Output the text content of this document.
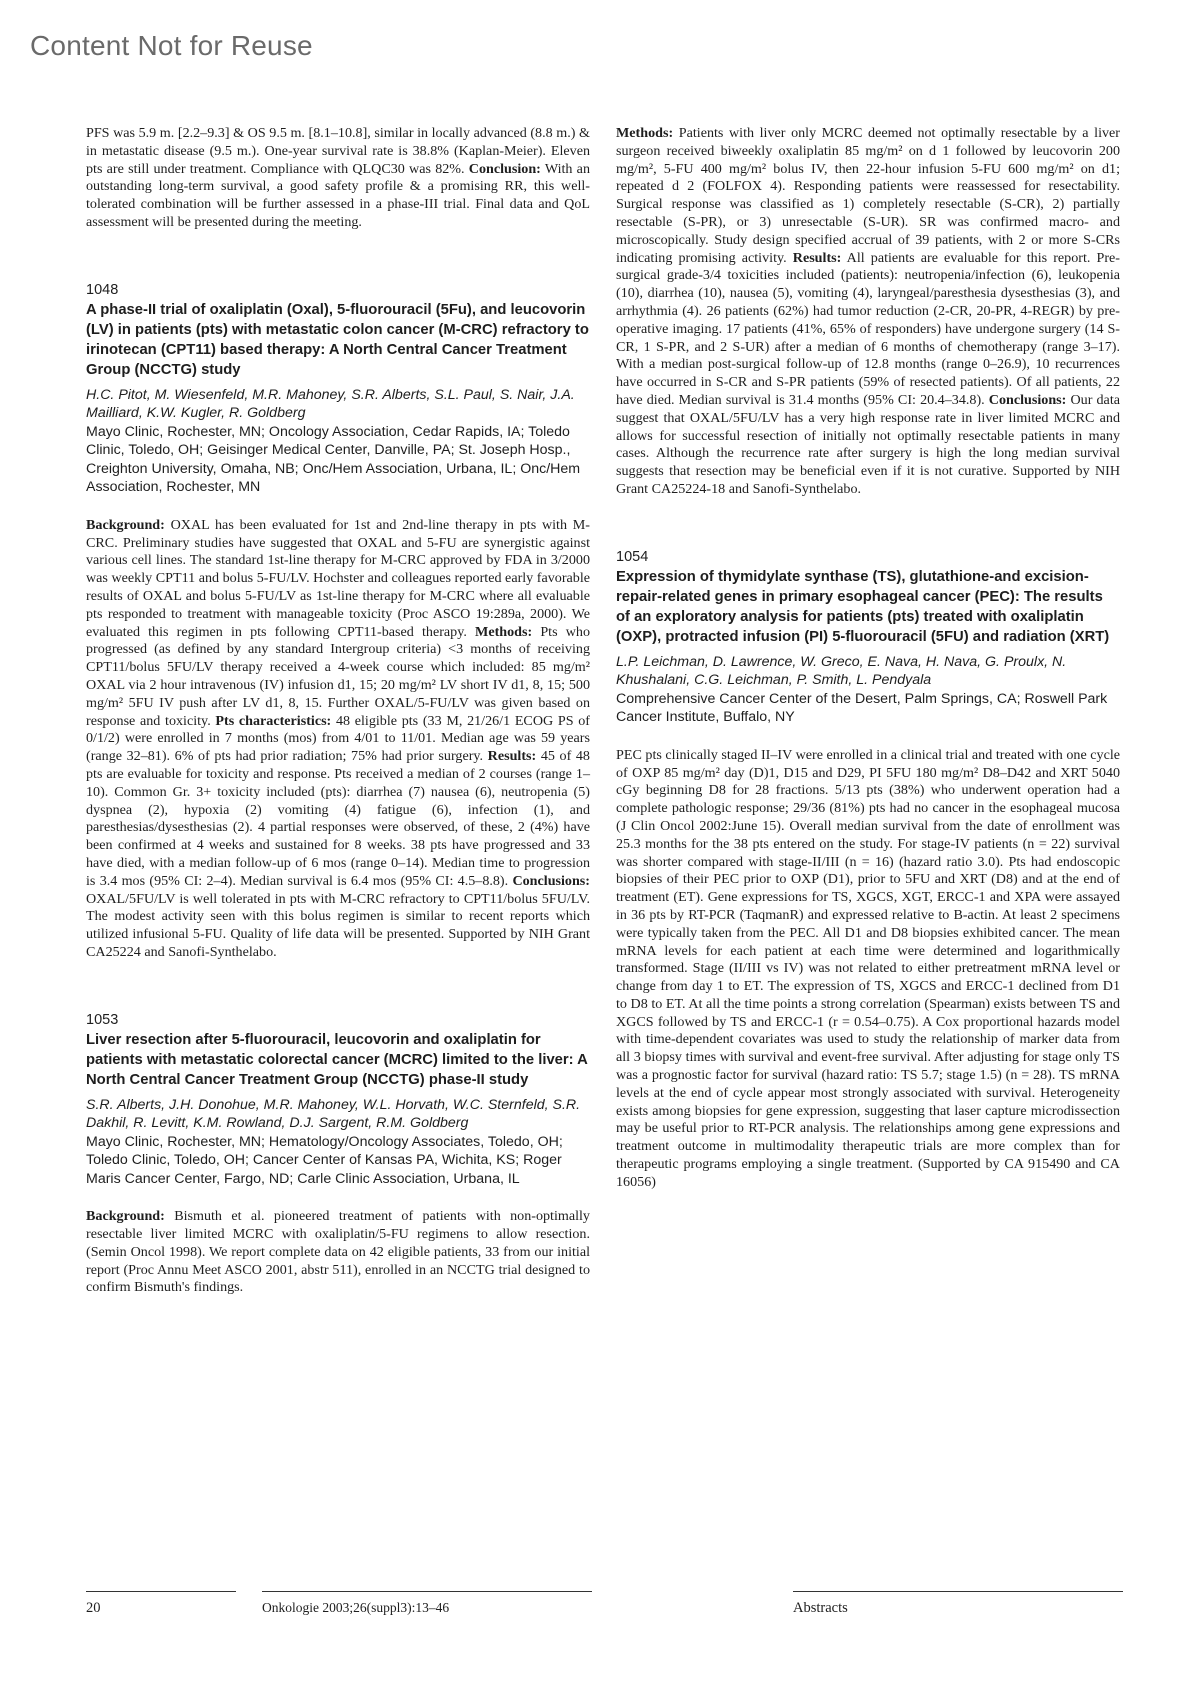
Content Not for Reuse

PFS was 5.9 m. [2.2–9.3] & OS 9.5 m. [8.1–10.8], similar in locally advanced (8.8 m.) & in metastatic disease (9.5 m.). One-year survival rate is 38.8% (Kaplan-Meier). Eleven pts are still under treatment. Compliance with QLQC30 was 82%. Conclusion: With an outstanding long-term survival, a good safety profile & a promising RR, this well-tolerated combination will be further assessed in a phase-III trial. Final data and QoL assessment will be presented during the meeting.

1048

A phase-II trial of oxaliplatin (Oxal), 5-fluorouracil (5Fu), and leucovorin (LV) in patients (pts) with metastatic colon cancer (M-CRC) refractory to irinotecan (CPT11) based therapy: A North Central Cancer Treatment Group (NCCTG) study

H.C. Pitot, M. Wiesenfeld, M.R. Mahoney, S.R. Alberts, S.L. Paul, S. Nair, J.A. Mailliard, K.W. Kugler, R. Goldberg

Mayo Clinic, Rochester, MN; Oncology Association, Cedar Rapids, IA; Toledo Clinic, Toledo, OH; Geisinger Medical Center, Danville, PA; St. Joseph Hosp., Creighton University, Omaha, NB; Onc/Hem Association, Urbana, IL; Onc/Hem Association, Rochester, MN

Background: OXAL has been evaluated for 1st and 2nd-line therapy in pts with M-CRC. Preliminary studies have suggested that OXAL and 5-FU are synergistic against various cell lines. The standard 1st-line therapy for M-CRC approved by FDA in 3/2000 was weekly CPT11 and bolus 5-FU/LV. Hochster and colleagues reported early favorable results of OXAL and bolus 5-FU/LV as 1st-line therapy for M-CRC where all evaluable pts responded to treatment with manageable toxicity (Proc ASCO 19:289a, 2000). We evaluated this regimen in pts following CPT11-based therapy. Methods: Pts who progressed (as defined by any standard Intergroup criteria) <3 months of receiving CPT11/bolus 5FU/LV therapy received a 4-week course which included: 85 mg/m² OXAL via 2 hour intravenous (IV) infusion d1, 15; 20 mg/m² LV short IV d1, 8, 15; 500 mg/m² 5FU IV push after LV d1, 8, 15. Further OXAL/5-FU/LV was given based on response and toxicity. Pts characteristics: 48 eligible pts (33 M, 21/26/1 ECOG PS of 0/1/2) were enrolled in 7 months (mos) from 4/01 to 11/01. Median age was 59 years (range 32–81). 6% of pts had prior radiation; 75% had prior surgery. Results: 45 of 48 pts are evaluable for toxicity and response. Pts received a median of 2 courses (range 1–10). Common Gr. 3+ toxicity included (pts): diarrhea (7) nausea (6), neutropenia (5) dyspnea (2), hypoxia (2) vomiting (4) fatigue (6), infection (1), and paresthesias/dysesthesias (2). 4 partial responses were observed, of these, 2 (4%) have been confirmed at 4 weeks and sustained for 8 weeks. 38 pts have progressed and 33 have died, with a median follow-up of 6 mos (range 0–14). Median time to progression is 3.4 mos (95% CI: 2–4). Median survival is 6.4 mos (95% CI: 4.5–8.8). Conclusions: OXAL/5FU/LV is well tolerated in pts with M-CRC refractory to CPT11/bolus 5FU/LV. The modest activity seen with this bolus regimen is similar to recent reports which utilized infusional 5-FU. Quality of life data will be presented. Supported by NIH Grant CA25224 and Sanofi-Synthelabo.

1053

Liver resection after 5-fluorouracil, leucovorin and oxaliplatin for patients with metastatic colorectal cancer (MCRC) limited to the liver: A North Central Cancer Treatment Group (NCCTG) phase-II study

S.R. Alberts, J.H. Donohue, M.R. Mahoney, W.L. Horvath, W.C. Sternfeld, S.R. Dakhil, R. Levitt, K.M. Rowland, D.J. Sargent, R.M. Goldberg

Mayo Clinic, Rochester, MN; Hematology/Oncology Associates, Toledo, OH; Toledo Clinic, Toledo, OH; Cancer Center of Kansas PA, Wichita, KS; Roger Maris Cancer Center, Fargo, ND; Carle Clinic Association, Urbana, IL

Background: Bismuth et al. pioneered treatment of patients with non-optimally resectable liver limited MCRC with oxaliplatin/5-FU regimens to allow resection. (Semin Oncol 1998). We report complete data on 42 eligible patients, 33 from our initial report (Proc Annu Meet ASCO 2001, abstr 511), enrolled in an NCCTG trial designed to confirm Bismuth's findings.

Methods: Patients with liver only MCRC deemed not optimally resectable by a liver surgeon received biweekly oxaliplatin 85 mg/m² on d 1 followed by leucovorin 200 mg/m², 5-FU 400 mg/m² bolus IV, then 22-hour infusion 5-FU 600 mg/m² on d1; repeated d 2 (FOLFOX 4). Responding patients were reassessed for resectability. Surgical response was classified as 1) completely resectable (S-CR), 2) partially resectable (S-PR), or 3) unresectable (S-UR). SR was confirmed macro- and microscopically. Study design specified accrual of 39 patients, with 2 or more S-CRs indicating promising activity. Results: All patients are evaluable for this report. Pre-surgical grade-3/4 toxicities included (patients): neutropenia/infection (6), leukopenia (10), diarrhea (10), nausea (5), vomiting (4), laryngeal/paresthesia dysesthesias (3), and arrhythmia (4). 26 patients (62%) had tumor reduction (2-CR, 20-PR, 4-REGR) by pre-operative imaging. 17 patients (41%, 65% of responders) have undergone surgery (14 S-CR, 1 S-PR, and 2 S-UR) after a median of 6 months of chemotherapy (range 3–17). With a median post-surgical follow-up of 12.8 months (range 0–26.9), 10 recurrences have occurred in S-CR and S-PR patients (59% of resected patients). Of all patients, 22 have died. Median survival is 31.4 months (95% CI: 20.4–34.8). Conclusions: Our data suggest that OXAL/5FU/LV has a very high response rate in liver limited MCRC and allows for successful resection of initially not optimally resectable patients in many cases. Although the recurrence rate after surgery is high the long median survival suggests that resection may be beneficial even if it is not curative. Supported by NIH Grant CA25224-18 and Sanofi-Synthelabo.

1054

Expression of thymidylate synthase (TS), glutathione-and excision-repair-related genes in primary esophageal cancer (PEC): The results of an exploratory analysis for patients (pts) treated with oxaliplatin (OXP), protracted infusion (PI) 5-fluorouracil (5FU) and radiation (XRT)

L.P. Leichman, D. Lawrence, W. Greco, E. Nava, H. Nava, G. Proulx, N. Khushalani, C.G. Leichman, P. Smith, L. Pendyala

Comprehensive Cancer Center of the Desert, Palm Springs, CA; Roswell Park Cancer Institute, Buffalo, NY

PEC pts clinically staged II–IV were enrolled in a clinical trial and treated with one cycle of OXP 85 mg/m² day (D)1, D15 and D29, PI 5FU 180 mg/m² D8–D42 and XRT 5040 cGy beginning D8 for 28 fractions. 5/13 pts (38%) who underwent operation had a complete pathologic response; 29/36 (81%) pts had no cancer in the esophageal mucosa (J Clin Oncol 2002:June 15). Overall median survival from the date of enrollment was 25.3 months for the 38 pts entered on the study. For stage-IV patients (n = 22) survival was shorter compared with stage-II/III (n = 16) (hazard ratio 3.0). Pts had endoscopic biopsies of their PEC prior to OXP (D1), prior to 5FU and XRT (D8) and at the end of treatment (ET). Gene expressions for TS, XGCS, XGT, ERCC-1 and XPA were assayed in 36 pts by RT-PCR (TaqmanR) and expressed relative to B-actin. At least 2 specimens were typically taken from the PEC. All D1 and D8 biopsies exhibited cancer. The mean mRNA levels for each patient at each time were determined and logarithmically transformed. Stage (II/III vs IV) was not related to either pretreatment mRNA level or change from day 1 to ET. The expression of TS, XGCS and ERCC-1 declined from D1 to D8 to ET. At all the time points a strong correlation (Spearman) exists between TS and XGCS followed by TS and ERCC-1 (r = 0.54–0.75). A Cox proportional hazards model with time-dependent covariates was used to study the relationship of marker data from all 3 biopsy times with survival and event-free survival. After adjusting for stage only TS was a prognostic factor for survival (hazard ratio: TS 5.7; stage 1.5) (n = 28). TS mRNA levels at the end of cycle appear most strongly associated with survival. Heterogeneity exists among biopsies for gene expression, suggesting that laser capture microdissection may be useful prior to RT-PCR analysis. The relationships among gene expressions and treatment outcome in multimodality therapeutic trials are more complex than for therapeutic programs employing a single treatment. (Supported by CA 915490 and CA 16056)

20	Onkologie 2003;26(suppl3):13–46	Abstracts
